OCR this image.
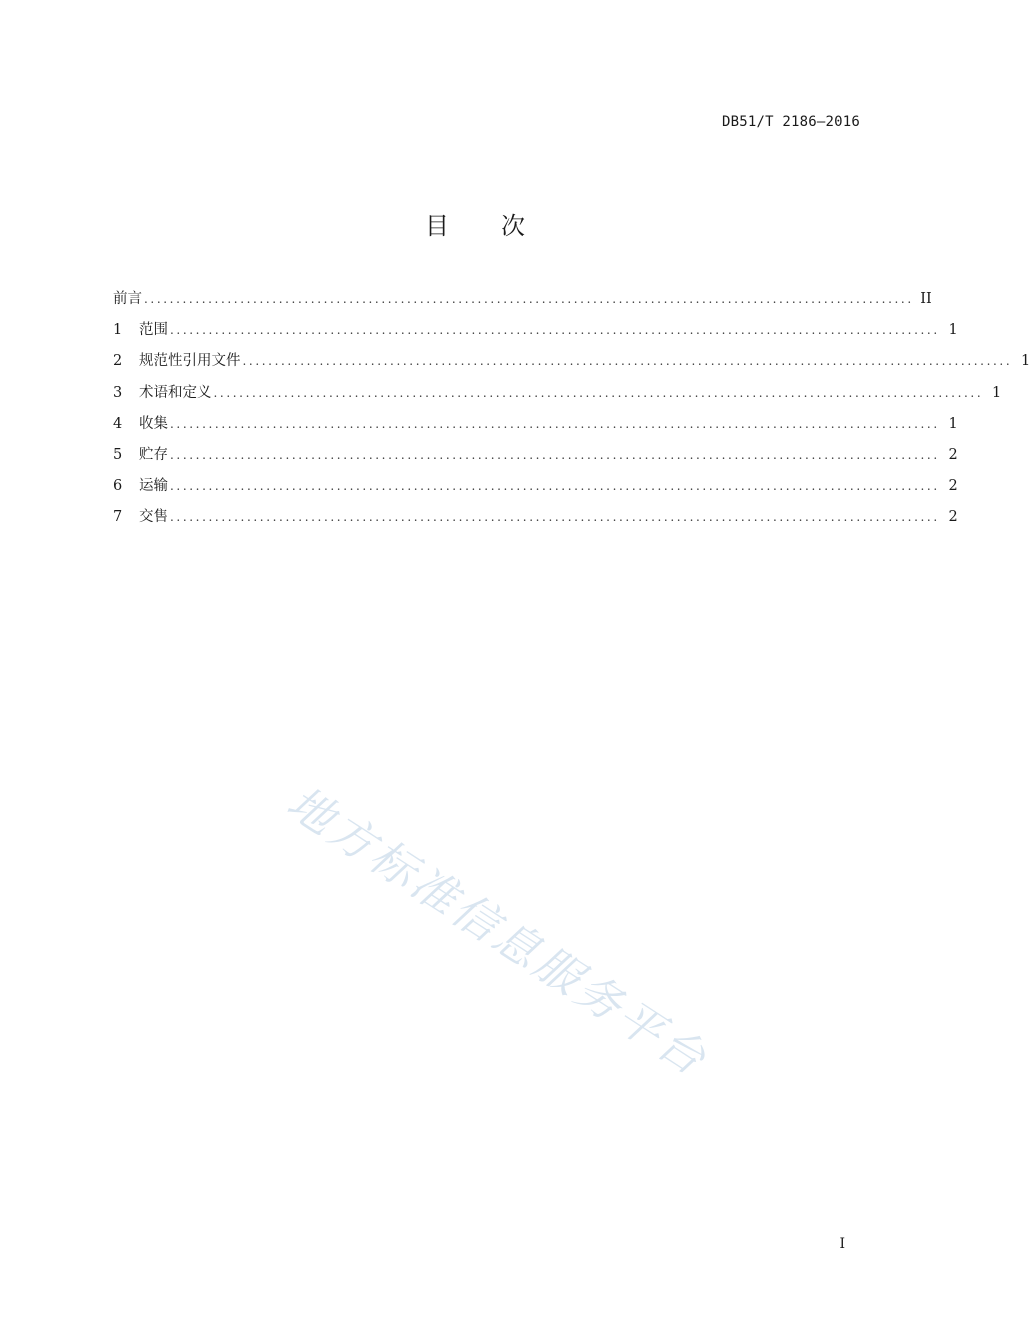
DB51/T 2186—2016
目 次
前言 ........................................................................................................................ II
1	范围 ........................................................................................................................ 1
2	规范性引用文件 ........................................................................................................................ 1
3	术语和定义 ........................................................................................................................ 1
4	收集 ........................................................................................................................ 1
5	贮存 ........................................................................................................................ 2
6	运输 ........................................................................................................................ 2
7	交售 ........................................................................................................................ 2
地方标准信息服务平台
I
